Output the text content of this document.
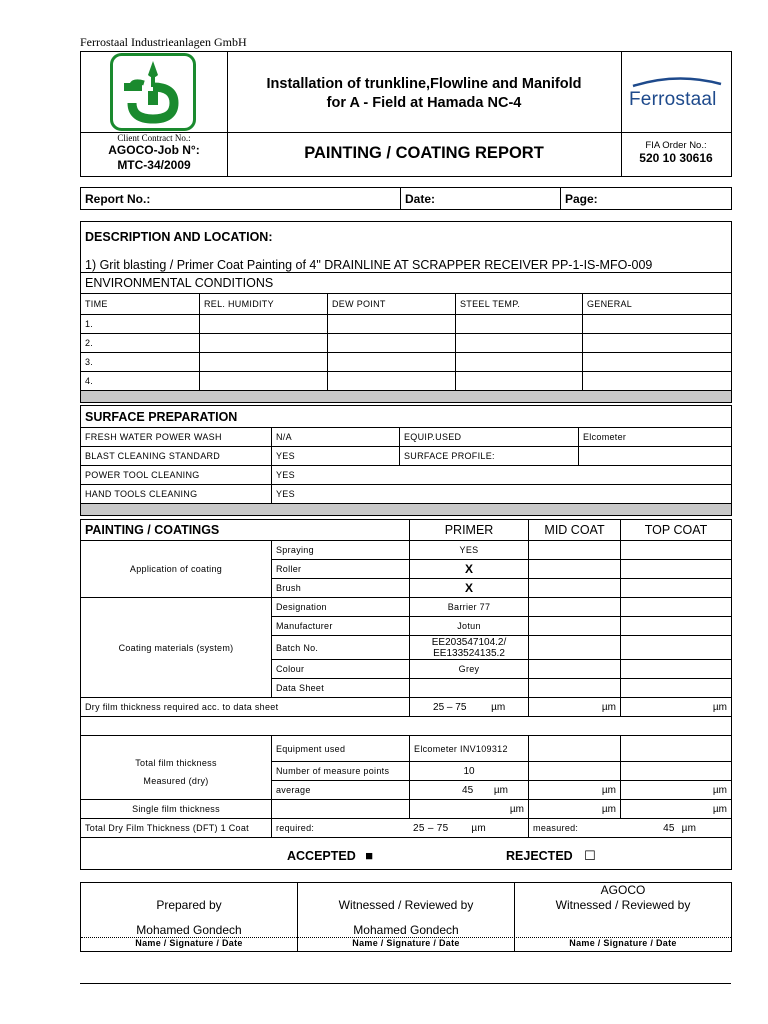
Ferrostaal Industrieanlagen GmbH
Installation of trunkline,Flowline and Manifold
for A - Field at Hamada NC-4	Ferrostaal
Client Contract No.:
AGOCO-Job N°:
MTC-34/2009
PAINTING / COATING REPORT	FIA Order No.:
520 10 30616
Report No.:	Date:	Page:
DESCRIPTION AND LOCATION:
1) Grit blasting / Primer Coat Painting of 4" DRAINLINE AT SCRAPPER RECEIVER PP-1-IS-MFO-009
ENVIRONMENTAL CONDITIONS				
TIME	REL. HUMIDITY	DEW POINT	STEEL TEMP.	GENERAL
1.				
2.				
3.				
4.				

SURFACE PREPARATION			
FRESH WATER POWER WASH	N/A	EQUIP.USED	Elcometer
BLAST CLEANING STANDARD	YES	SURFACE PROFILE:	
POWER TOOL CLEANING	YES		
HAND TOOLS CLEANING	YES		

PAINTING / COATINGS		PRIMER	MID COAT	TOP COAT
Application of coating	Spraying	YES		
	Roller	X		
	Brush	X		
Coating materials (system)	Designation	Barrier 77		
	Manufacturer	Jotun		
	Batch No.	EE203547104.2/
EE133524135.2		

	Colour	Grey		
	Data Sheet			
Dry film thickness required acc. to data sheet		25 – 75 µm	µm	µm

Total film thickness
Measured (dry)	Equipment used	Elcometer INV109312		
	Number of measure points	10		
	average	45 µm	µm	µm
Single film thickness		µm	µm	µm
Total Dry Film Thickness (DFT) 1 Coat	required: 25 – 75 µm		measured: 45 µm	
ACCEPTED ■	REJECTED ☐
Prepared by
Mohamed Gondech
Name / Signature / Date
Witnessed / Reviewed by
Mohamed Gondech
Name / Signature / Date
AGOCO
Witnessed / Reviewed by
Name / Signature / Date
